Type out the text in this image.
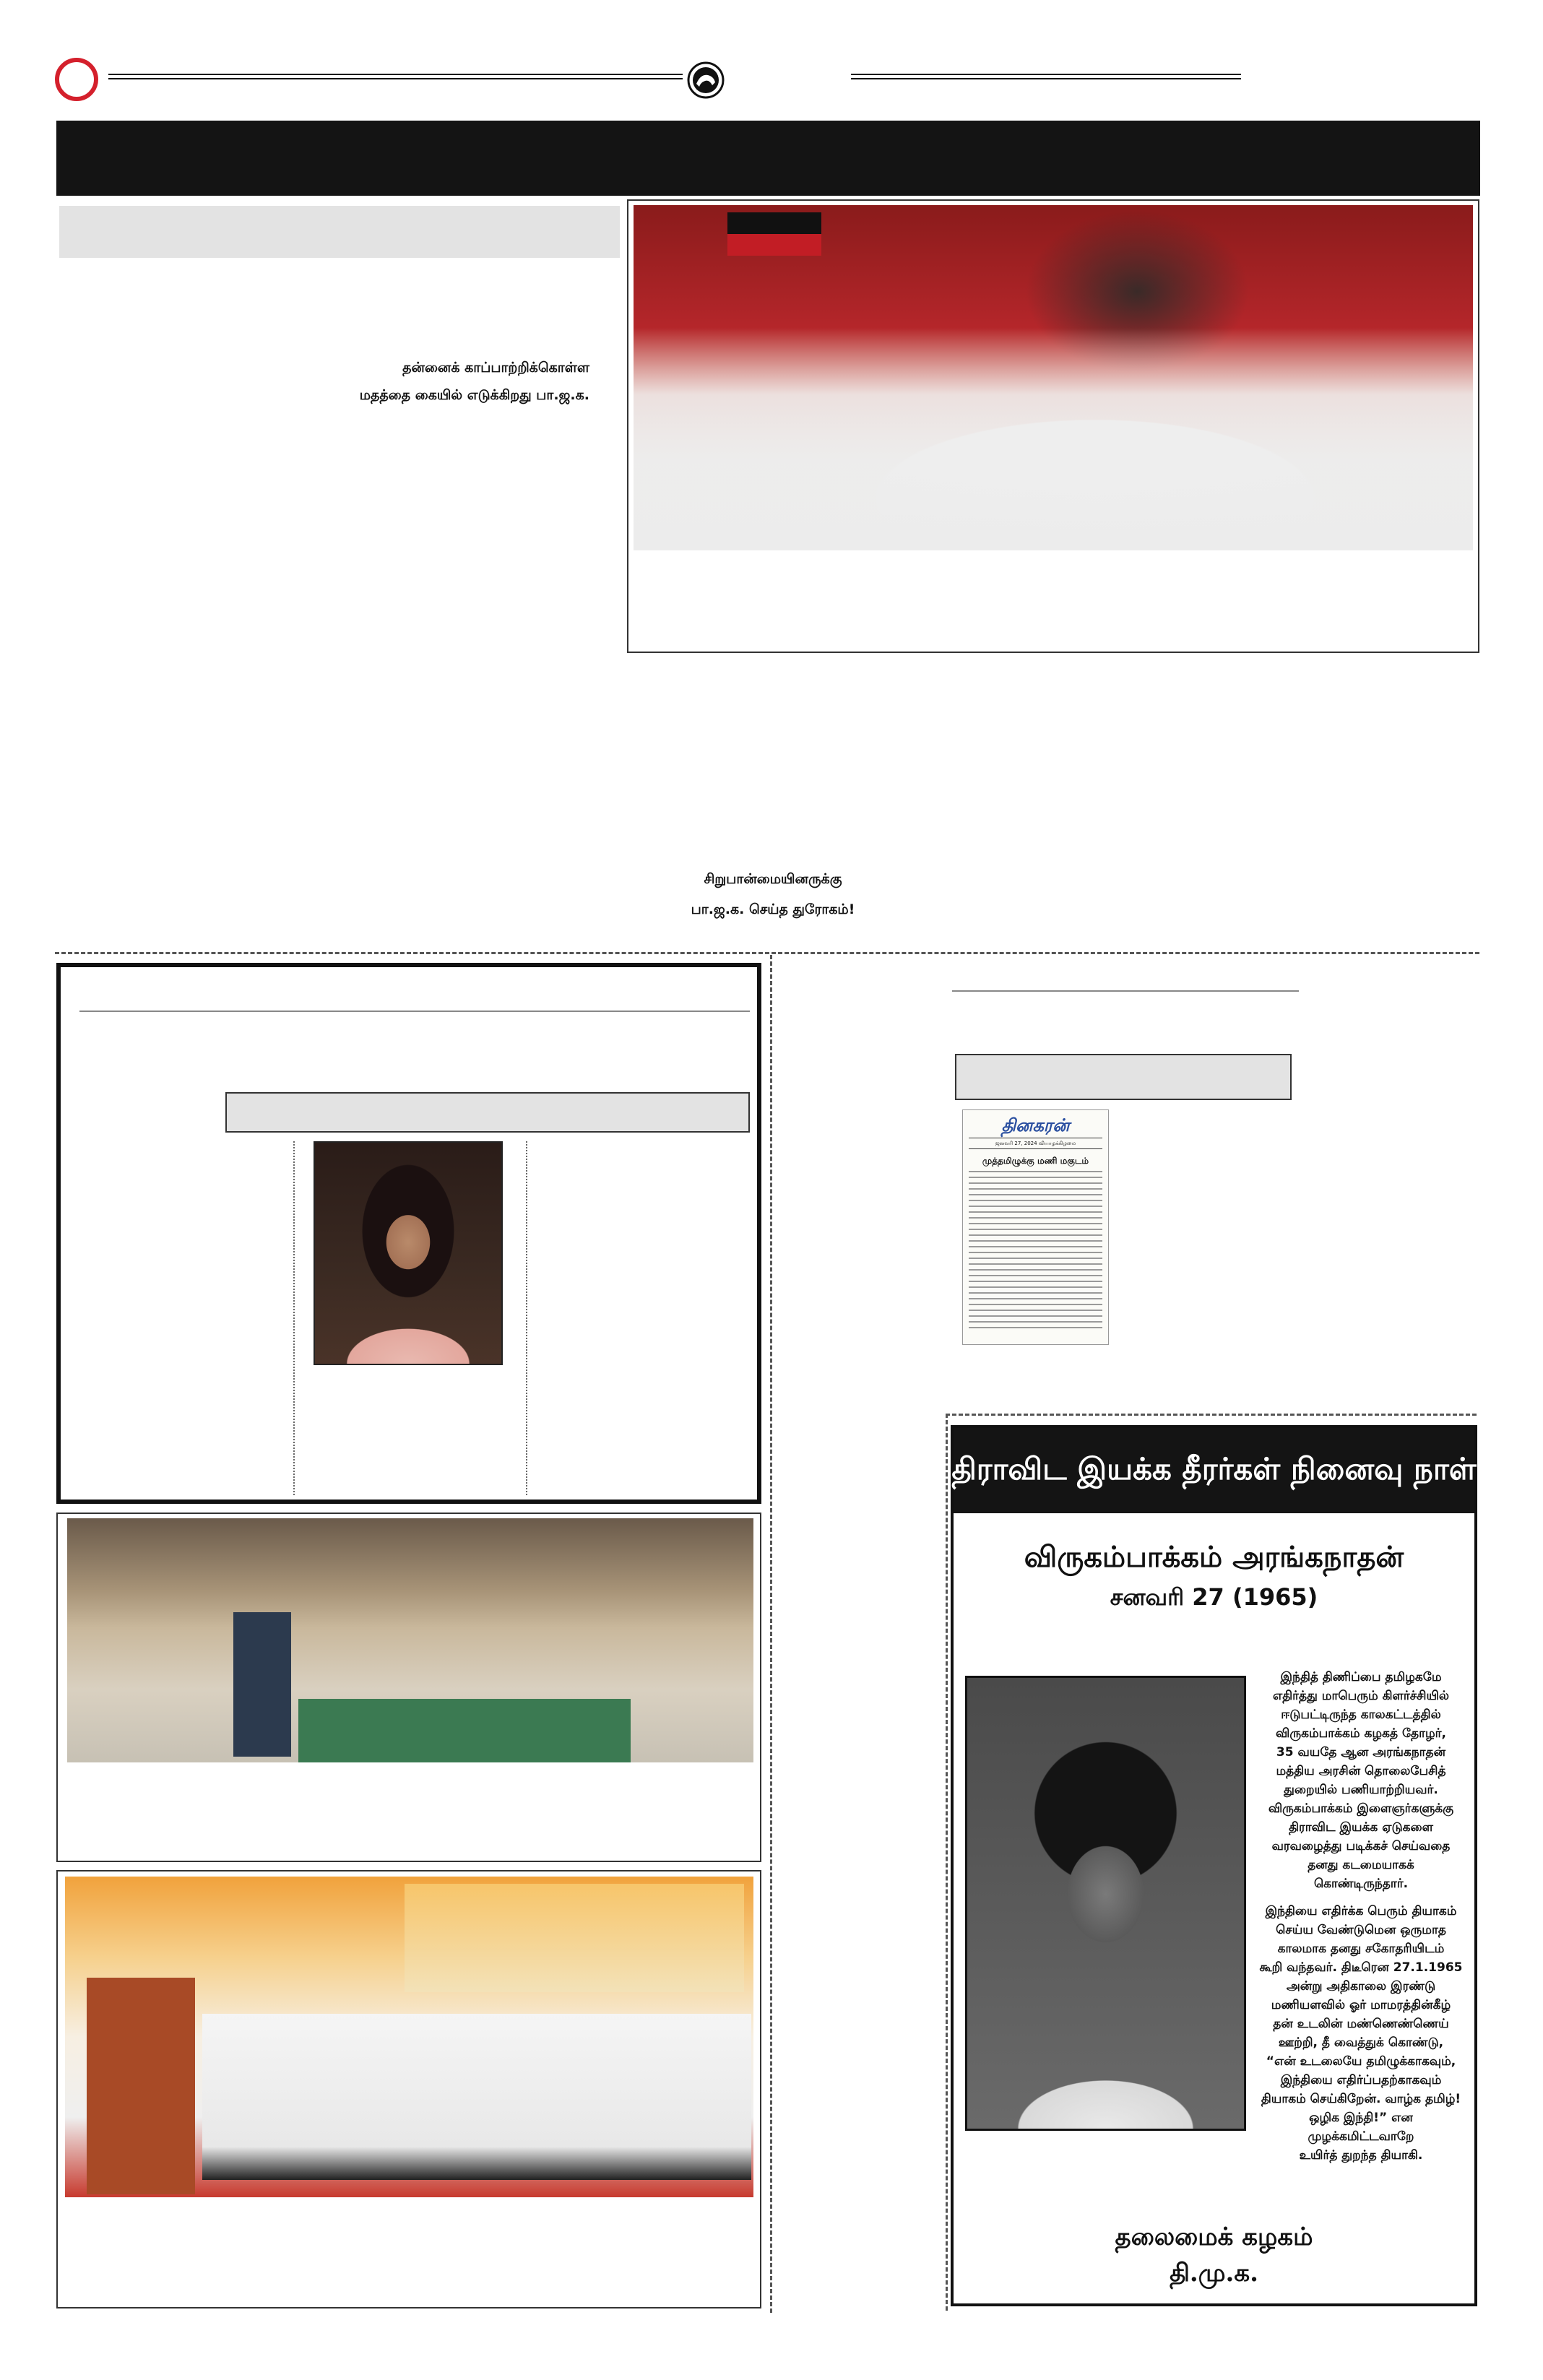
தன்னைக் காப்பாற்றிக்கொள்ள
மதத்தை கையில் எடுக்கிறது பா.ஜ.க.
சிறுபான்மையினருக்கு
பா.ஜ.க. செய்த துரோகம்!
தினகரன்
ஜனவரி 27, 2024 வியாழக்கிழமை
முத்தமிழுக்கு மணி மகுடம்
திராவிட இயக்க தீரர்கள் நினைவு நாள்
விருகம்பாக்கம் அரங்கநாதன்
சனவரி 27 (1965)
இந்தித் திணிப்பை தமிழகமே
எதிர்த்து மாபெரும் கிளர்ச்சியில்
ஈடுபட்டிருந்த காலகட்டத்தில்
விருகம்பாக்கம் கழகத் தோழர்,
35 வயதே ஆன அரங்கநாதன்
மத்திய அரசின் தொலைபேசித்
துறையில் பணியாற்றியவர்.
விருகம்பாக்கம் இளைஞர்களுக்கு
திராவிட இயக்க ஏடுகளை
வரவழைத்து படிக்கச் செய்வதை
தனது கடமையாகக்
கொண்டிருந்தார்.
இந்தியை எதிர்க்க பெரும் தியாகம்
செய்ய வேண்டுமென ஒருமாத
காலமாக தனது சகோதரியிடம்
கூறி வந்தவர். திடீரென 27.1.1965
அன்று அதிகாலை இரண்டு
மணியளவில் ஓர் மாமரத்தின்கீழ்
தன் உடலின் மண்ணெண்ணெய்
ஊற்றி, தீ வைத்துக் கொண்டு,
“என் உடலையே தமிழுக்காகவும்,
இந்தியை எதிர்ப்பதற்காகவும்
தியாகம் செய்கிறேன். வாழ்க தமிழ்!
ஒழிக இந்தி!” என
முழக்கமிட்டவாறே
உயிர்த் துறந்த தியாகி.
தலைமைக் கழகம்
தி.மு.க.
